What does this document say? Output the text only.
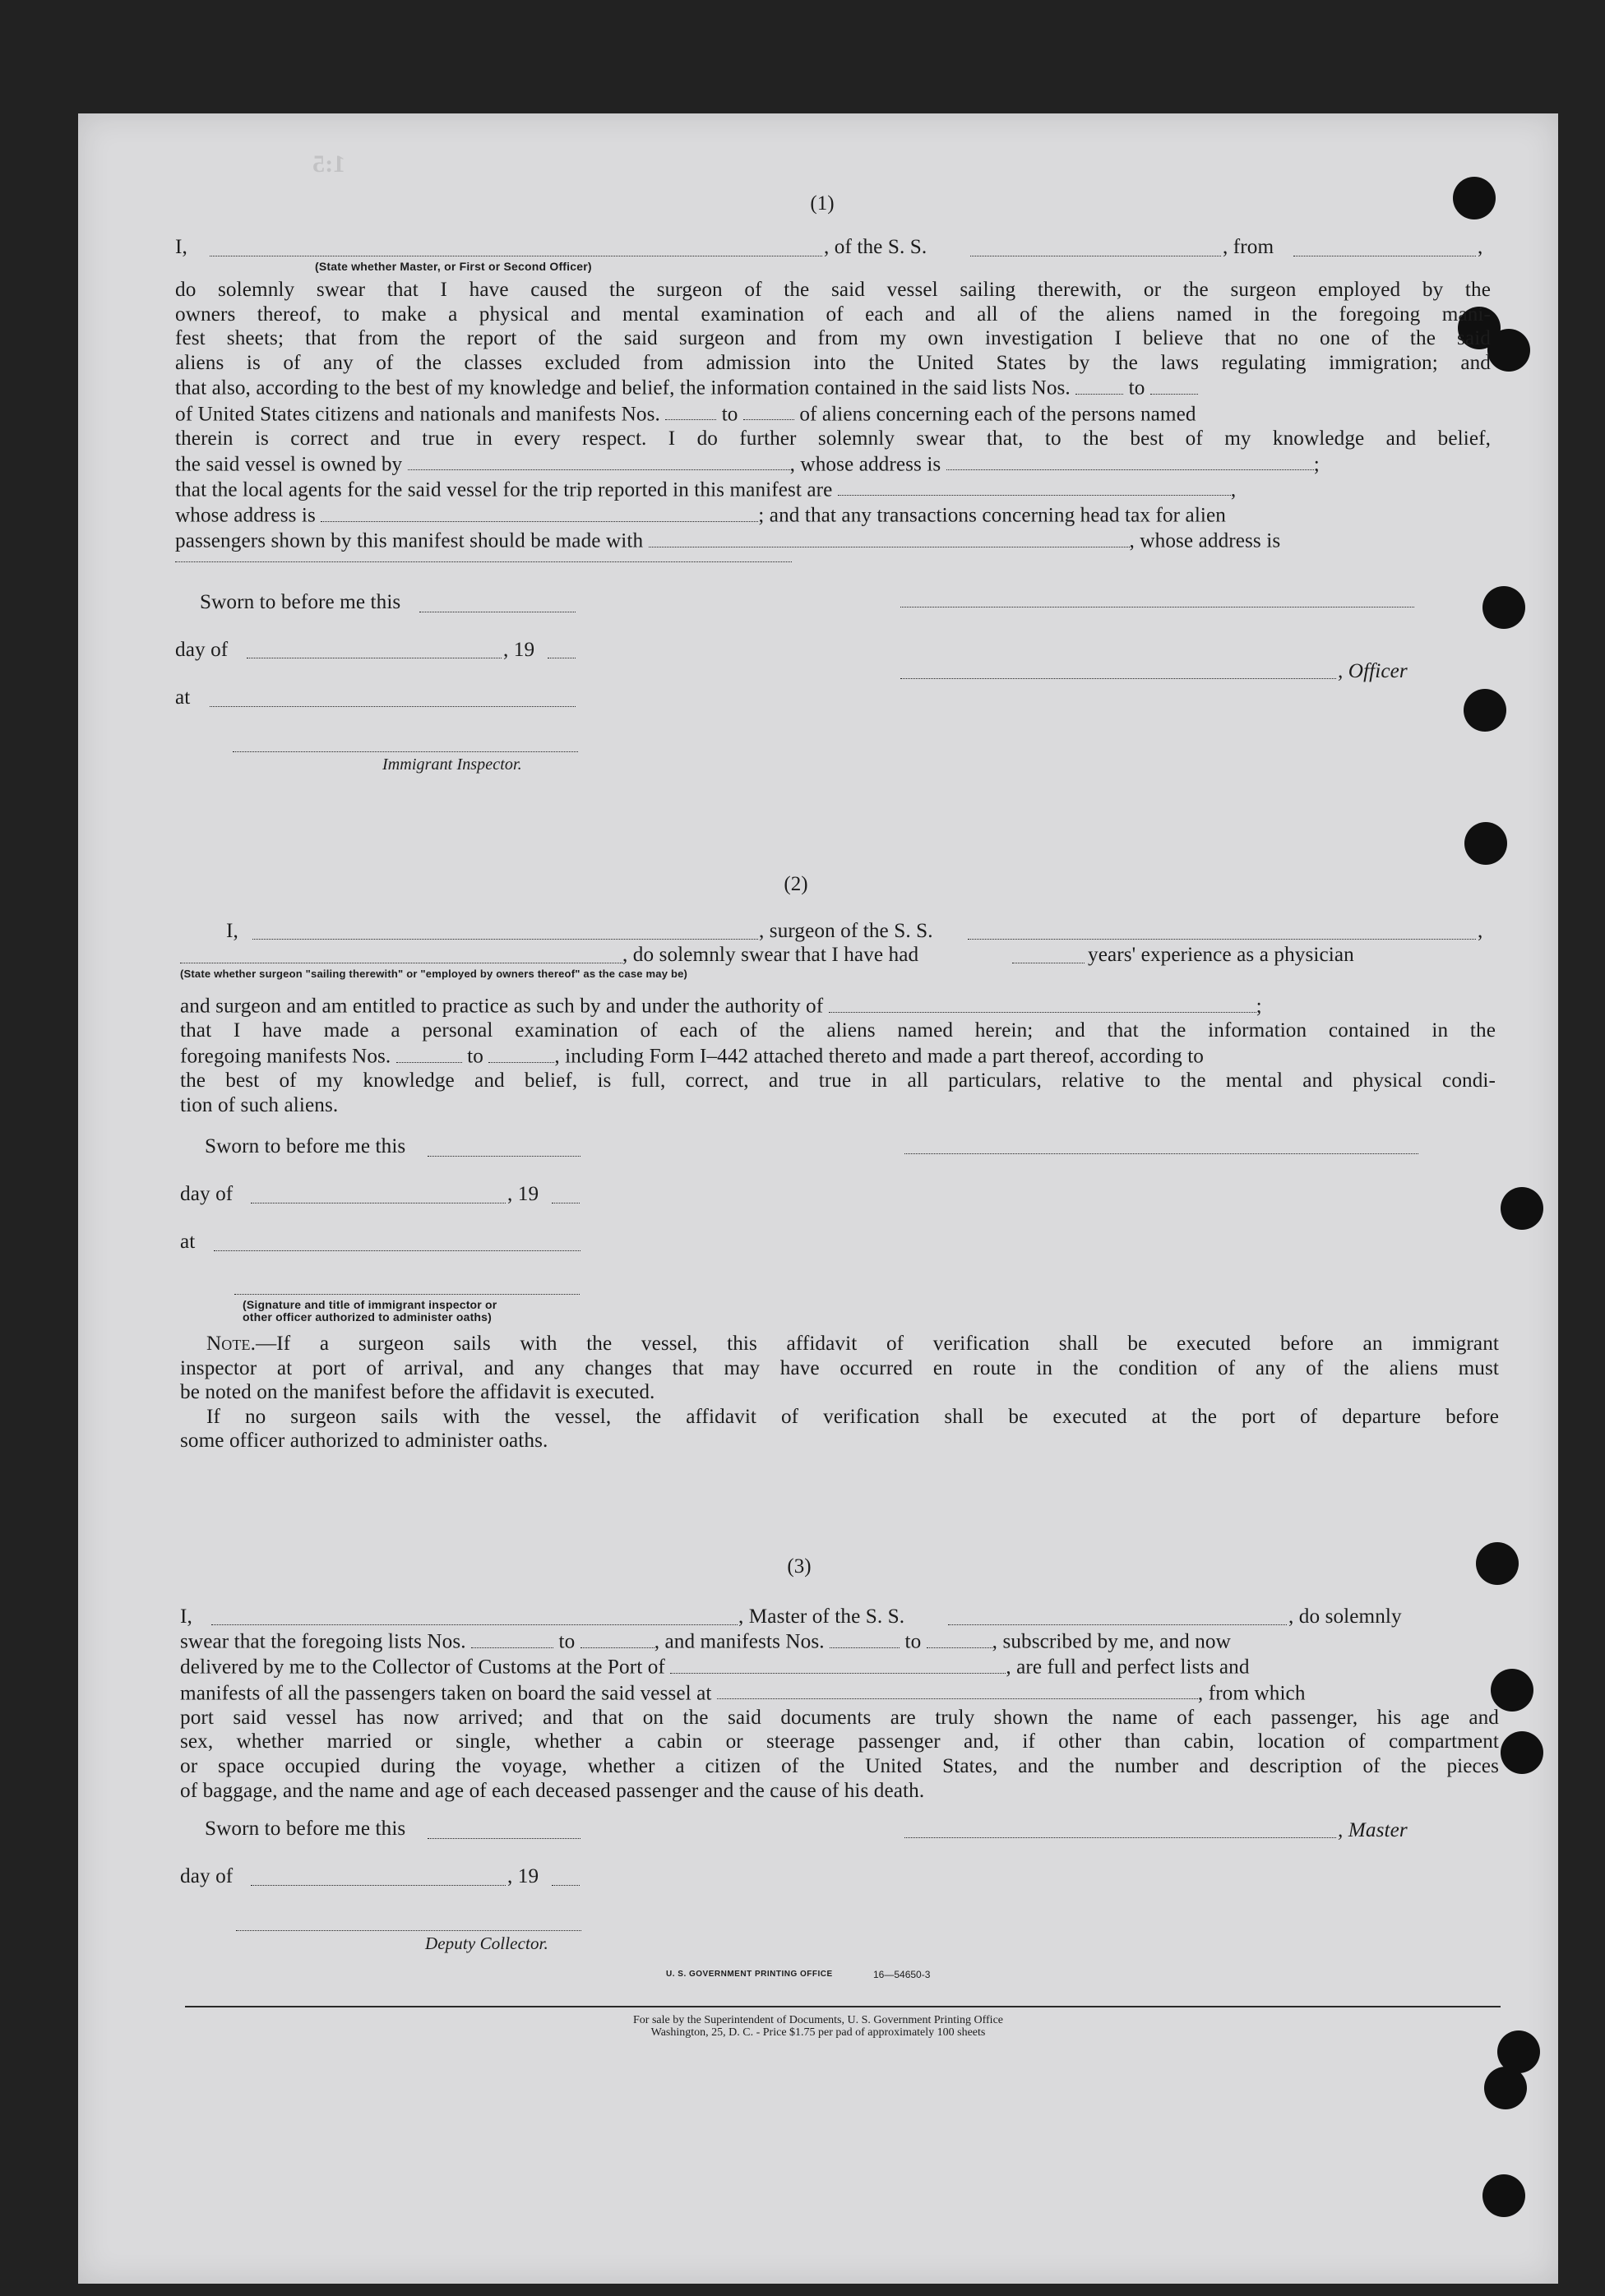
1:5
(1)
I,	, of the S. S.	, from	,
(State whether Master, or First or Second Officer)
do solemnly swear that I have caused the surgeon of the said vessel sailing therewith, or the surgeon employed by the
owners thereof, to make a physical and mental examination of each and all of the aliens named in the foregoing mani-
fest sheets; that from the report of the said surgeon and from my own investigation I believe that no one of the said
aliens is of any of the classes excluded from admission into the United States by the laws regulating immigration; and
that also, according to the best of my knowledge and belief, the information contained in the said lists Nos.	to
of United States citizens and nationals and manifests Nos.	to	of aliens concerning each of the persons named
therein is correct and true in every respect. I do further solemnly swear that, to the best of my knowledge and belief,
the said vessel is owned by	, whose address is	;
that the local agents for the said vessel for the trip reported in this manifest are	,
whose address is	; and that any transactions concerning head tax for alien
passengers shown by this manifest should be made with	, whose address is
Sworn to before me this
day of	, 19
, Officer
at
Immigrant Inspector.
(2)
I,	, surgeon of the S. S.	,
, do solemnly swear that I have had	years' experience as a physician
(State whether surgeon "sailing therewith" or "employed by owners thereof" as the case may be)
and surgeon and am entitled to practice as such by and under the authority of	;
that I have made a personal examination of each of the aliens named herein; and that the information contained in the
foregoing manifests Nos.	to	, including Form I–442 attached thereto and made a part thereof, according to
the best of my knowledge and belief, is full, correct, and true in all particulars, relative to the mental and physical condi-
tion of such aliens.
Sworn to before me this
day of	, 19
at
(Signature and title of immigrant inspector or
other officer authorized to administer oaths)
Note.—If a surgeon sails with the vessel, this affidavit of verification shall be executed before an immigrant
inspector at port of arrival, and any changes that may have occurred en route in the condition of any of the aliens must
be noted on the manifest before the affidavit is executed.
If no surgeon sails with the vessel, the affidavit of verification shall be executed at the port of departure before
some officer authorized to administer oaths.
(3)
I,	, Master of the S. S.	, do solemnly
swear that the foregoing lists Nos.	to	, and manifests Nos.	to	, subscribed by me, and now
delivered by me to the Collector of Customs at the Port of	, are full and perfect lists and
manifests of all the passengers taken on board the said vessel at	, from which
port said vessel has now arrived; and that on the said documents are truly shown the name of each passenger, his age and
sex, whether married or single, whether a cabin or steerage passenger and, if other than cabin, location of compartment
or space occupied during the voyage, whether a citizen of the United States, and the number and description of the pieces
of baggage, and the name and age of each deceased passenger and the cause of his death.
Sworn to before me this	, Master
day of	, 19
Deputy Collector.
U. S. GOVERNMENT PRINTING OFFICE	16—54650-3
For sale by the Superintendent of Documents, U. S. Government Printing Office
Washington, 25, D. C. - Price $1.75 per pad of approximately 100 sheets
